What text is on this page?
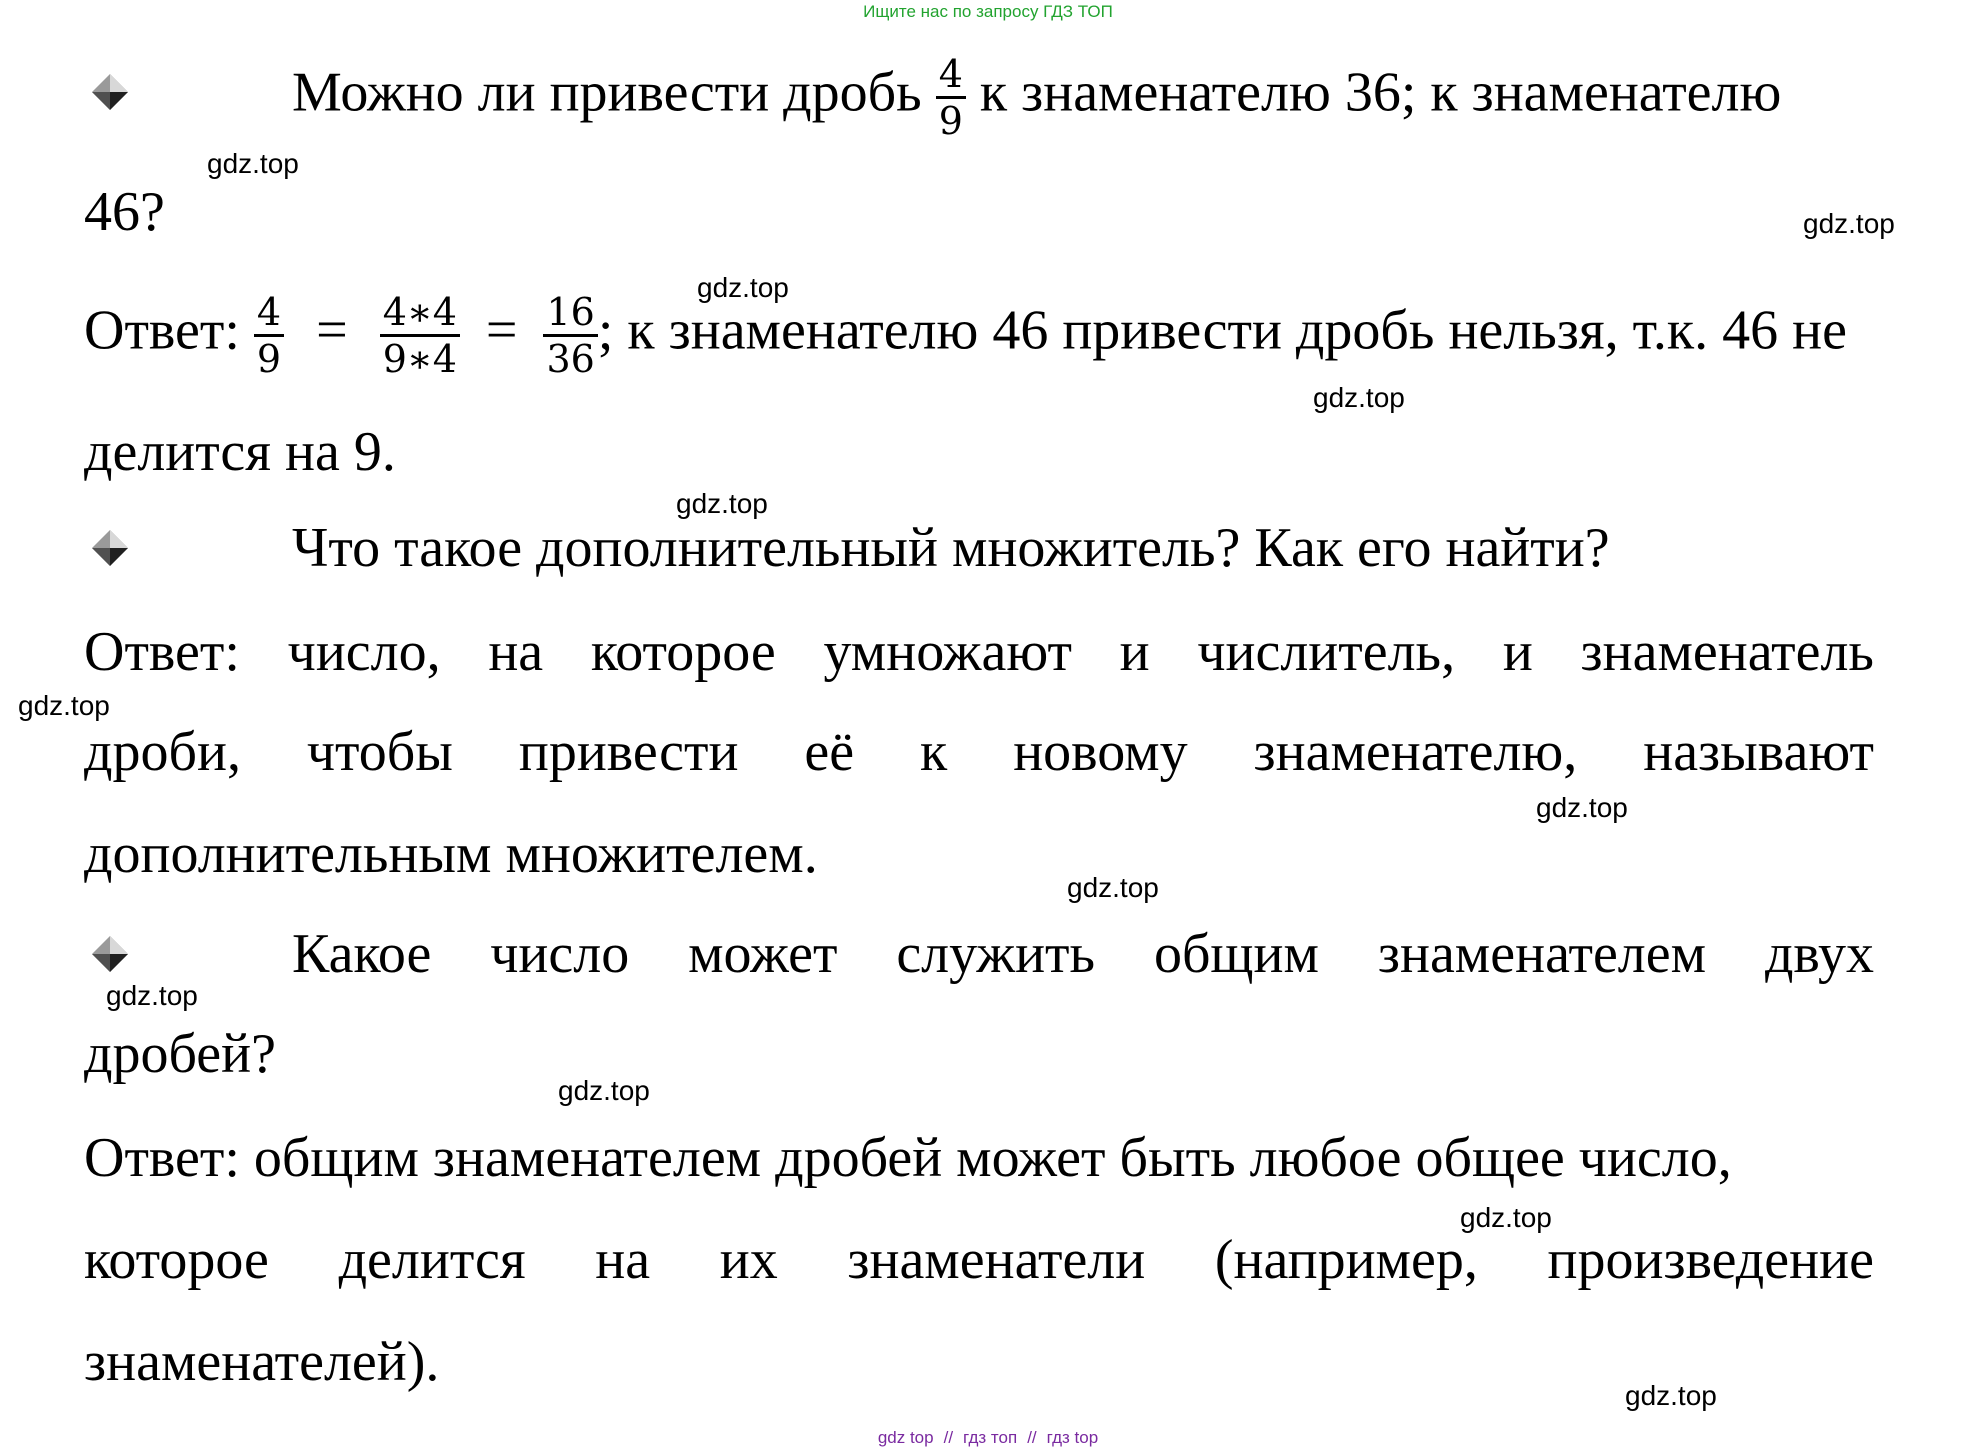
Ищите нас по запросу ГДЗ ТОП
Можно ли привести дробь $\frac{4}{9}$ к знаменателю 36; к знаменателю
46?
Ответ: $\frac{4}{9} = \frac{4∗4}{9∗4} = \frac{16}{36}$ ; к знаменателю 46 привести дробь нельзя, т.к. 46 не
делится на 9.
Что такое дополнительный множитель? Как его найти?
Ответ: число, на которое умножают и числитель, и знаменатель
дроби, чтобы привести её к новому знаменателю, называют
дополнительным множителем.
Какое число может служить общим знаменателем двух
дробей?
Ответ: общим знаменателем дробей может быть любое общее число,
которое делится на их знаменатели (например, произведение
знаменателей).
gdz.top
gdz.top
gdz.top
gdz.top
gdz.top
gdz.top
gdz.top
gdz.top
gdz.top
gdz.top
gdz.top
gdz.top
gdz top // гдз топ // гдз top
